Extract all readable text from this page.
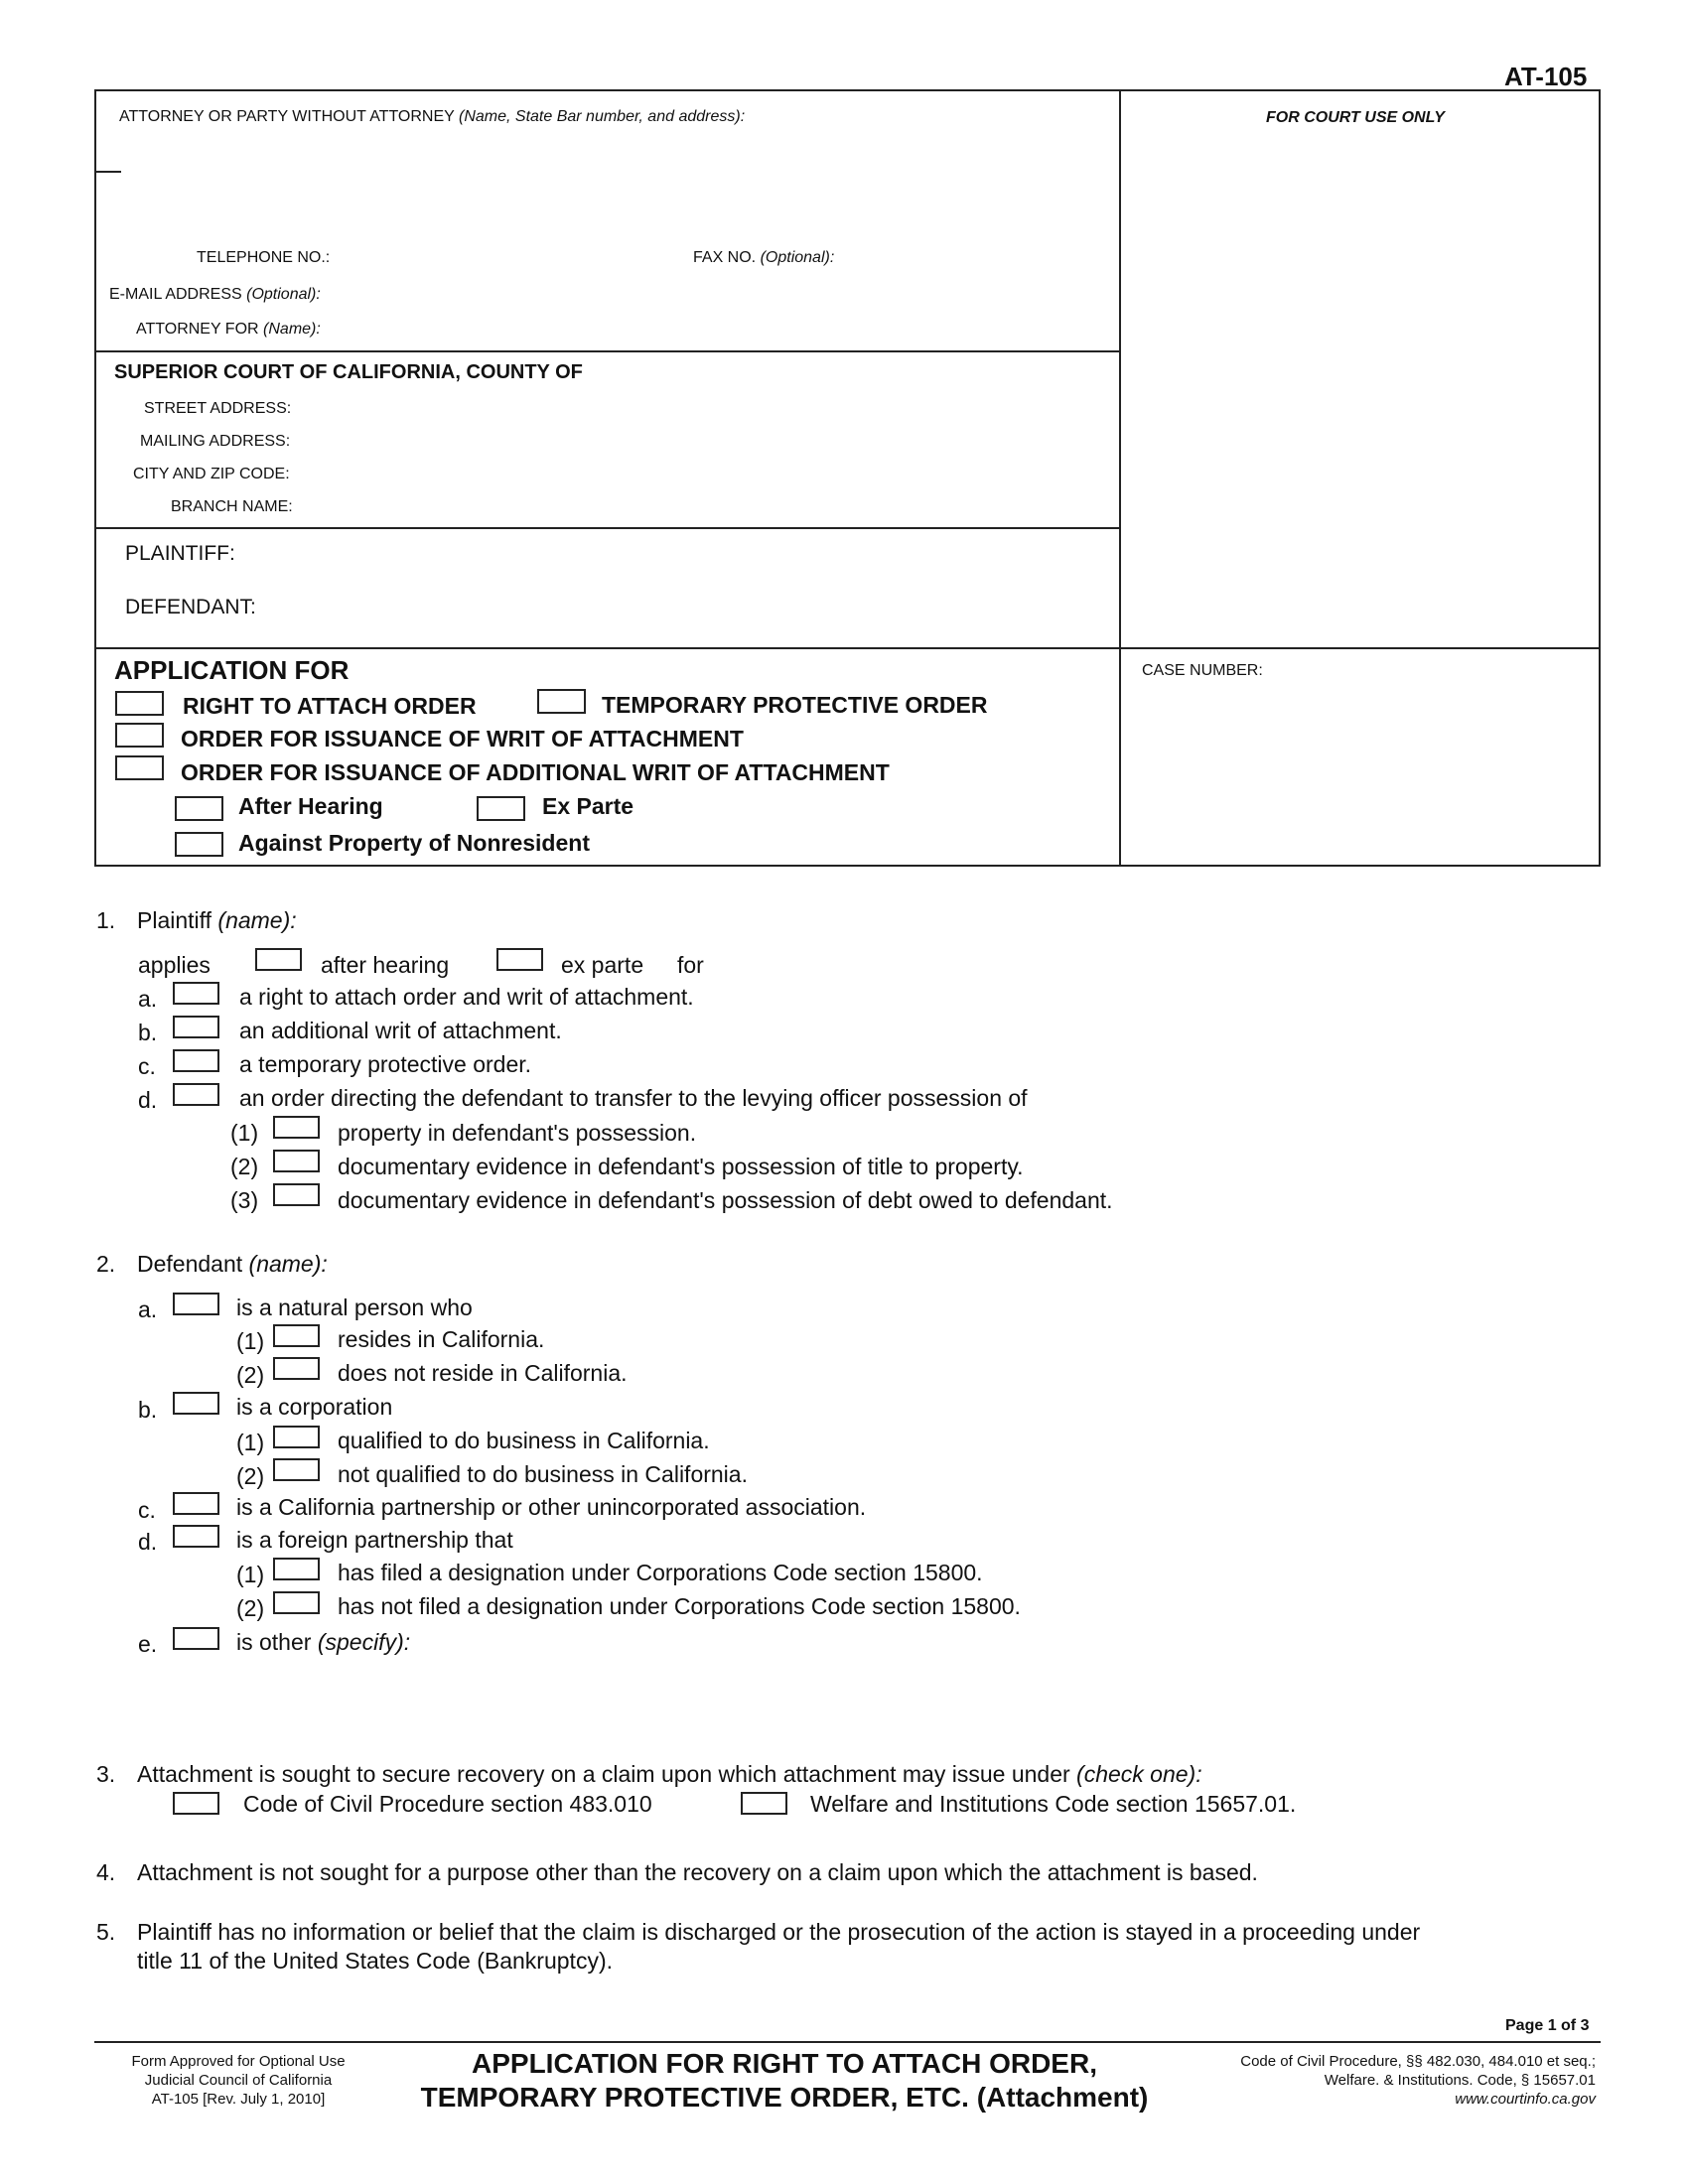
AT-105
ATTORNEY OR PARTY WITHOUT ATTORNEY (Name, State Bar number, and address):	FOR COURT USE ONLY
TELEPHONE NO.:	FAX NO. (Optional):
E-MAIL ADDRESS (Optional):
ATTORNEY FOR (Name):
SUPERIOR COURT OF CALIFORNIA, COUNTY OF
STREET ADDRESS:
MAILING ADDRESS:
CITY AND ZIP CODE:
BRANCH NAME:
PLAINTIFF:
DEFENDANT:
CASE NUMBER:
APPLICATION FOR
RIGHT TO ATTACH ORDER	TEMPORARY PROTECTIVE ORDER
ORDER FOR ISSUANCE OF WRIT OF ATTACHMENT
ORDER FOR ISSUANCE OF ADDITIONAL WRIT OF ATTACHMENT
After Hearing	Ex Parte
Against Property of Nonresident
1. Plaintiff (name):
applies	after hearing	ex parte for
a.	a right to attach order and writ of attachment.
b.	an additional writ of attachment.
c.	a temporary protective order.
d.	an order directing the defendant to transfer to the levying officer possession of
(1)	property in defendant's possession.
(2)	documentary evidence in defendant's possession of title to property.
(3)	documentary evidence in defendant's possession of debt owed to defendant.
2. Defendant (name):
a.	is a natural person who
(1)	resides in California.
(2)	does not reside in California.
b.	is a corporation
(1)	qualified to do business in California.
(2)	not qualified to do business in California.
c.	is a California partnership or other unincorporated association.
d.	is a foreign partnership that
(1)	has filed a designation under Corporations Code section 15800.
(2)	has not filed a designation under Corporations Code section 15800.
e.	is other (specify):
3. Attachment is sought to secure recovery on a claim upon which attachment may issue under (check one):
Code of Civil Procedure section 483.010	Welfare and Institutions Code section 15657.01.
4. Attachment is not sought for a purpose other than the recovery on a claim upon which the attachment is based.
5. Plaintiff has no information or belief that the claim is discharged or the prosecution of the action is stayed in a proceeding under
title 11 of the United States Code (Bankruptcy).
Page 1 of 3
Form Approved for Optional Use
Judicial Council of California
AT-105 [Rev. July 1, 2010]
APPLICATION FOR RIGHT TO ATTACH ORDER,
TEMPORARY PROTECTIVE ORDER, ETC. (Attachment)
Code of Civil Procedure, §§ 482.030, 484.010 et seq.;
Welfare. & Institutions. Code, § 15657.01
www.courtinfo.ca.gov
